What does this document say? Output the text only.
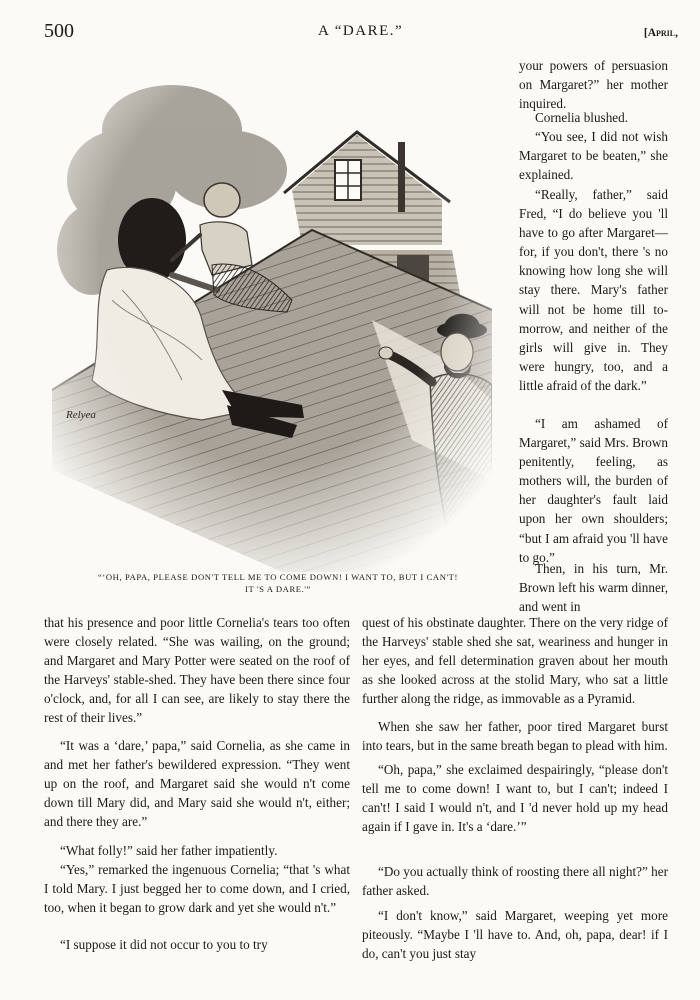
500	A “DARE.”	[April,
Relyea
“‘OH, PAPA, PLEASE DON'T TELL ME TO COME DOWN! I WANT TO, BUT I CAN'T!
IT 'S A DARE.'”

your powers of persuasion on Margaret?” her mother inquired.

Cornelia blushed.

“You see, I did not wish Margaret to be beaten,” she explained.

“Really, father,” said Fred, “I do believe you 'll have to go after Margaret—for, if you don't, there 's no knowing how long she will stay there. Mary's father will not be home till to-morrow, and neither of the girls will give in. They were hungry, too, and a little afraid of the dark.”

“I am ashamed of Margaret,” said Mrs. Brown penitently, feeling, as mothers will, the burden of her daughter's fault laid upon her own shoulders; “but I am afraid you 'll have to go.”

Then, in his turn, Mr. Brown left his warm dinner, and went in

that his presence and poor little Cornelia's tears too often were closely related. “She was wailing, on the ground; and Margaret and Mary Potter were seated on the roof of the Harveys' stable-shed. They have been there since four o'clock, and, for all I can see, are likely to stay there the rest of their lives.”

“It was a ‘dare,’ papa,” said Cornelia, as she came in and met her father's bewildered expression. “They went up on the roof, and Margaret said she would n't come down till Mary did, and Mary said she would n't, either; and there they are.”

“What folly!” said her father impatiently.

“Yes,” remarked the ingenuous Cornelia; “that 's what I told Mary. I just begged her to come down, and I cried, too, when it began to grow dark and yet she would n't.”

“I suppose it did not occur to you to try

quest of his obstinate daughter. There on the very ridge of the Harveys' stable shed she sat, weariness and hunger in her eyes, and fell determination graven about her mouth as she looked across at the stolid Mary, who sat a little further along the ridge, as immovable as a Pyramid.

When she saw her father, poor tired Margaret burst into tears, but in the same breath began to plead with him.

“Oh, papa,” she exclaimed despairingly, “please don't tell me to come down! I want to, but I can't; indeed I can't! I said I would n't, and I 'd never hold up my head again if I gave in. It's a ‘dare.’”

“Do you actually think of roosting there all night?” her father asked.

“I don't know,” said Margaret, weeping yet more piteously. “Maybe I 'll have to. And, oh, papa, dear! if I do, can't you just stay
